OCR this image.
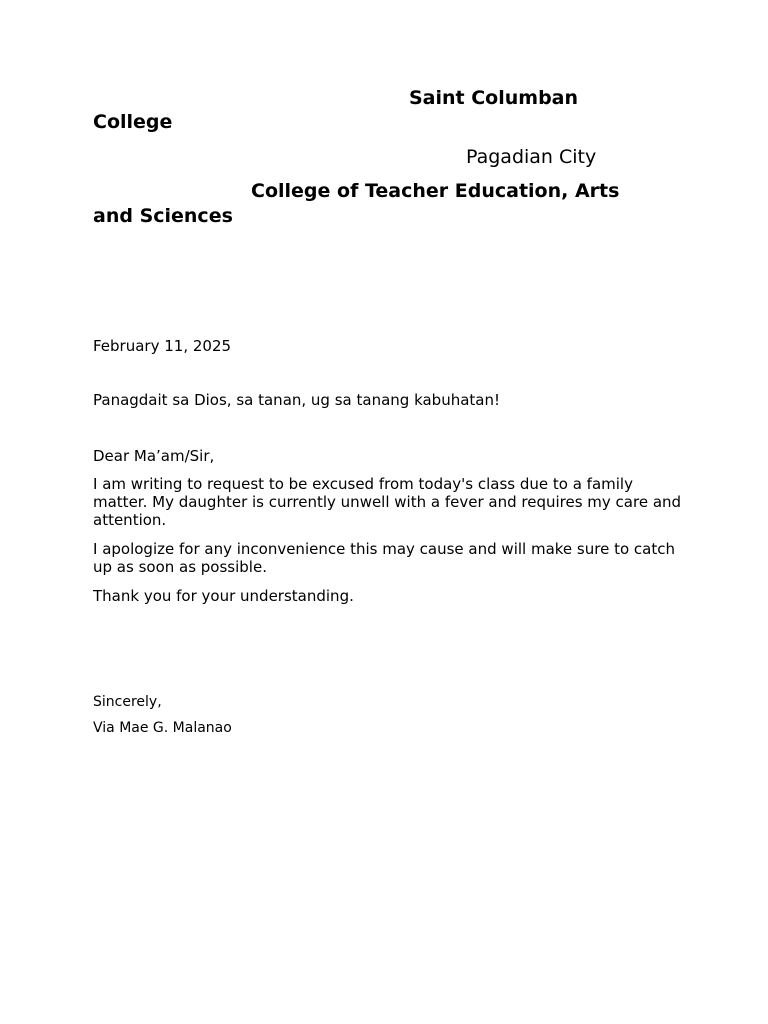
Saint Columban

College

Pagadian City

College of Teacher Education, Arts

and Sciences

February 11, 2025

Panagdait sa Dios, sa tanan, ug sa tanang kabuhatan!

Dear Ma’am/Sir,

I am writing to request to be excused from today's class due to a family matter. My daughter is currently unwell with a fever and requires my care and attention.

I apologize for any inconvenience this may cause and will make sure to catch up as soon as possible.

Thank you for your understanding.

Sincerely,

Via Mae G. Malanao
